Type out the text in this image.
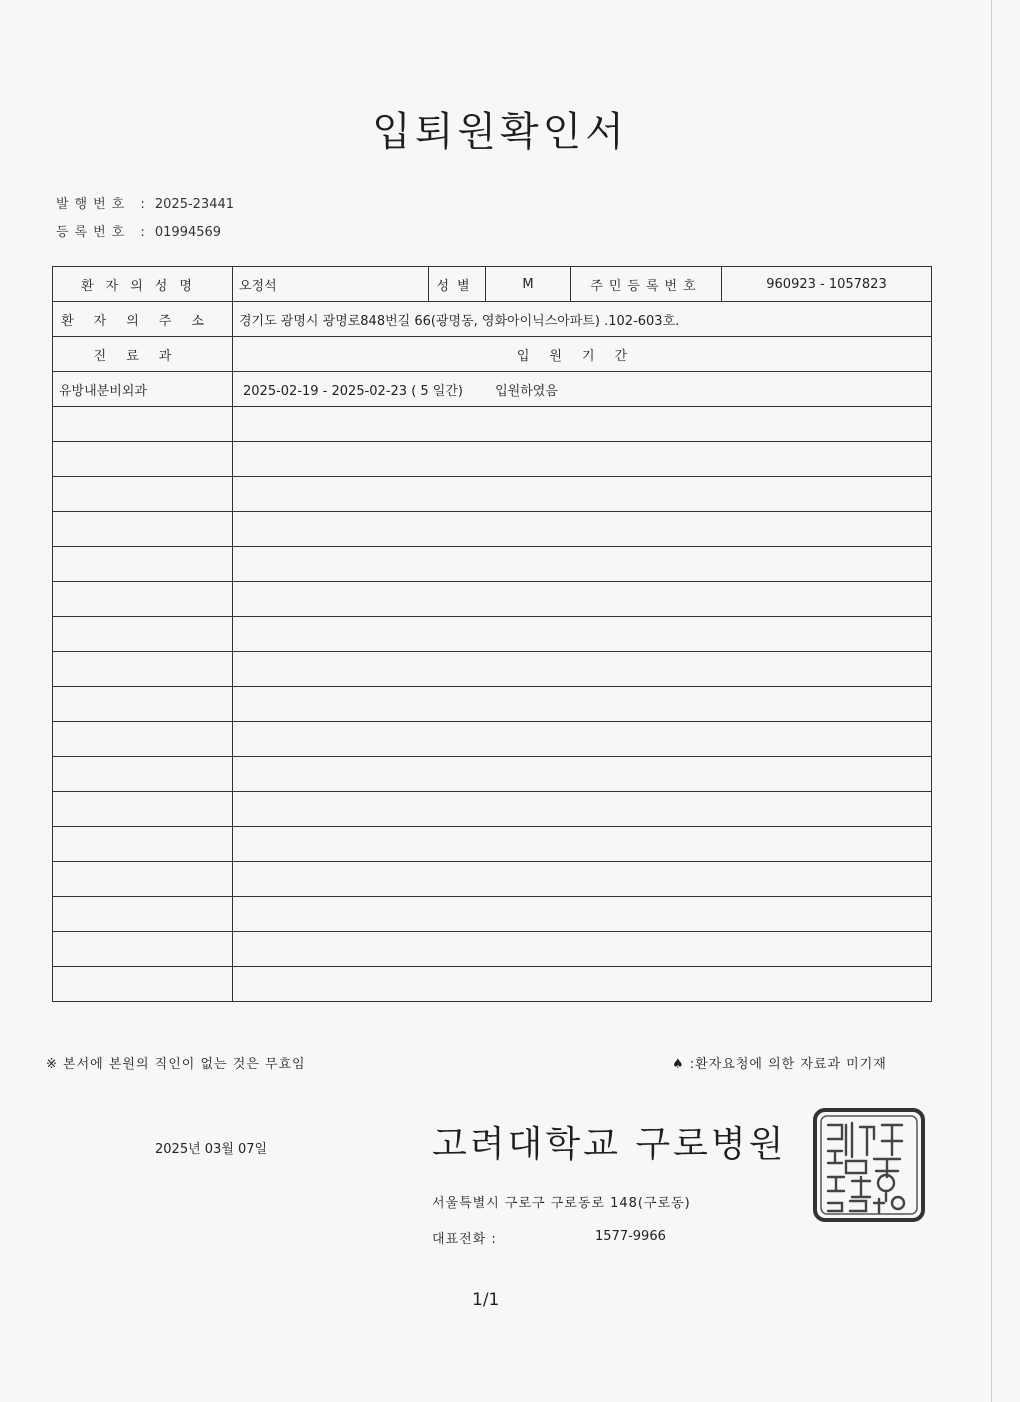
입퇴원확인서
발행번호 : 2025-23441
등록번호 : 01994569
환자의성명	오정석	성별	M	주민등록번호	960923 - 1057823
환자의주소	경기도 광명시 광명로848번길 66(광명동, 영화아이닉스아파트) .102-603호.				
진료과	입원기간				
유방내분비외과	2025-02-19 - 2025-02-23 ( 5 일간) 입원하였음				

※ 본서에 본원의 직인이 없는 것은 무효임	♠ :환자요청에 의한 자료과 미기재
2025년 03월 07일	고려대학교 구로병원
서울특별시 구로구 구로동로 148(구로동)
대표전화 :	1577-9966
1/1
